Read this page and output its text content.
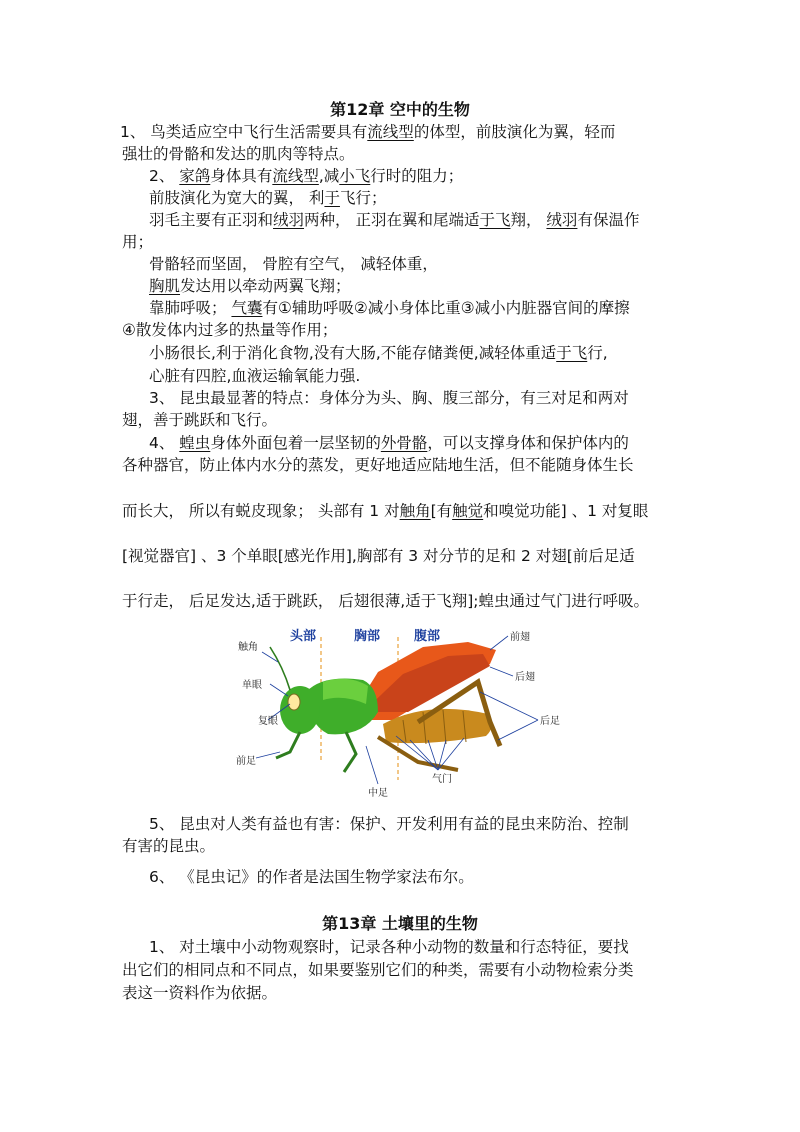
第12章 空中的生物
1、 鸟类适应空中飞行生活需要具有流线型的体型，前肢演化为翼，轻而
强壮的骨骼和发达的肌肉等特点。
2、 家鸽身体具有流线型,减小飞行时的阻力；
前肢演化为宽大的翼， 利于飞行；
羽毛主要有正羽和绒羽两种， 正羽在翼和尾端适于飞翔， 绒羽有保温作
用；
骨骼轻而坚固， 骨腔有空气， 减轻体重，
胸肌发达用以牵动两翼飞翔；
靠肺呼吸； 气囊有①辅助呼吸②减小身体比重③减小内脏器官间的摩擦
④散发体内过多的热量等作用；
小肠很长,利于消化食物,没有大肠,不能存储粪便,减轻体重适于飞行,
心脏有四腔,血液运输氧能力强.
3、 昆虫最显著的特点：身体分为头、胸、腹三部分，有三对足和两对
翅，善于跳跃和飞行。
4、 蝗虫身体外面包着一层坚韧的外骨骼，可以支撑身体和保护体内的
各种器官，防止体内水分的蒸发，更好地适应陆地生活，但不能随身体生长
而长大， 所以有蜕皮现象； 头部有 1 对触角[有触觉和嗅觉功能] 、1 对复眼
[视觉器官] 、3 个单眼[感光作用],胸部有 3 对分节的足和 2 对翅[前后足适
于行走， 后足发达,适于跳跃， 后翅很薄,适于飞翔];蝗虫通过气门进行呼吸。
头部	胸部	腹部
触角
单眼
复眼
前足
中足
气门
前翅
后翅
后足
5、 昆虫对人类有益也有害：保护、开发利用有益的昆虫来防治、控制
有害的昆虫。
6、 《昆虫记》的作者是法国生物学家法布尔。
第13章 土壤里的生物
1、 对土壤中小动物观察时，记录各种小动物的数量和行态特征，要找
出它们的相同点和不同点，如果要鉴别它们的种类，需要有小动物检索分类
表这一资料作为依据。
